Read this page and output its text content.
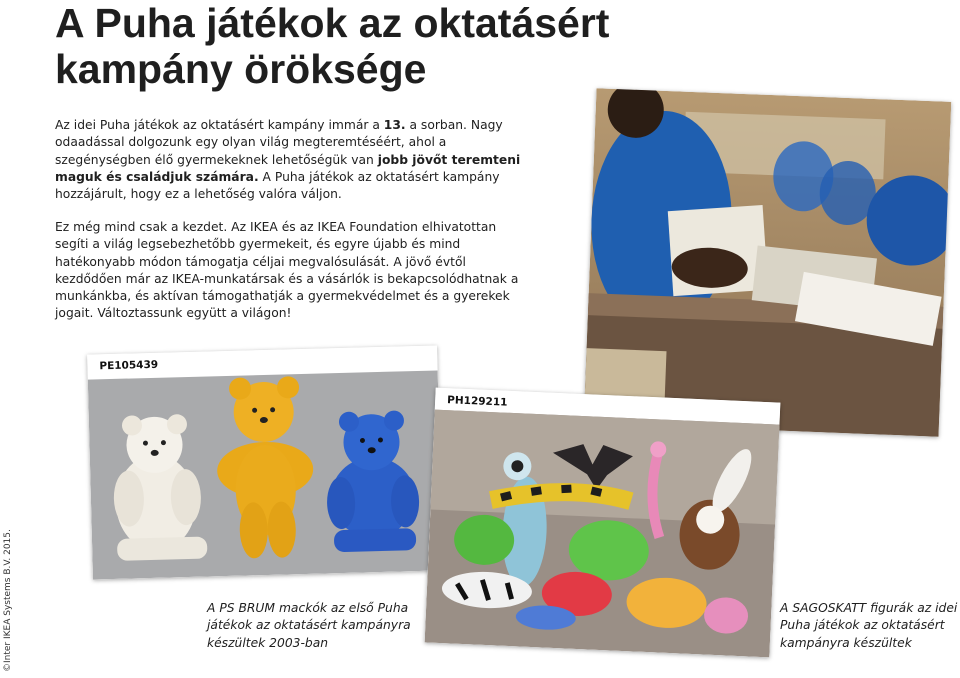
A Puha játékok az oktatásért
kampány öröksége

Az idei Puha játékok az oktatásért kampány immár a 13. a sorban. Nagy odaadással dolgozunk egy olyan világ megteremtéséért, ahol a szegénységben élő gyermekeknek lehetőségük van jobb jövőt teremteni maguk és családjuk számára. A Puha játékok az oktatásért kampány hozzájárult, hogy ez a lehetőség valóra váljon.

Ez még mind csak a kezdet. Az IKEA és az IKEA Foundation elhivatottan segíti a világ legsebezhetőbb gyermekeit, és egyre újabb és mind hatékonyabb módon támogatja céljai megvalósulását. A jövő évtől kezdődően már az IKEA-munkatársak és a vásárlók is bekapcsolódhatnak a munkánkba, és aktívan támogathatják a gyermekvédelmet és a gyerekek jogait. Változtassunk együtt a világon!

PE105439
PH129211

A PS BRUM mackók az első Puha játékok az oktatásért kampányra készültek 2003-ban

A SAGOSKATT figurák az idei Puha játékok az oktatásért kampányra készültek

©Inter IKEA Systems B.V. 2015.
